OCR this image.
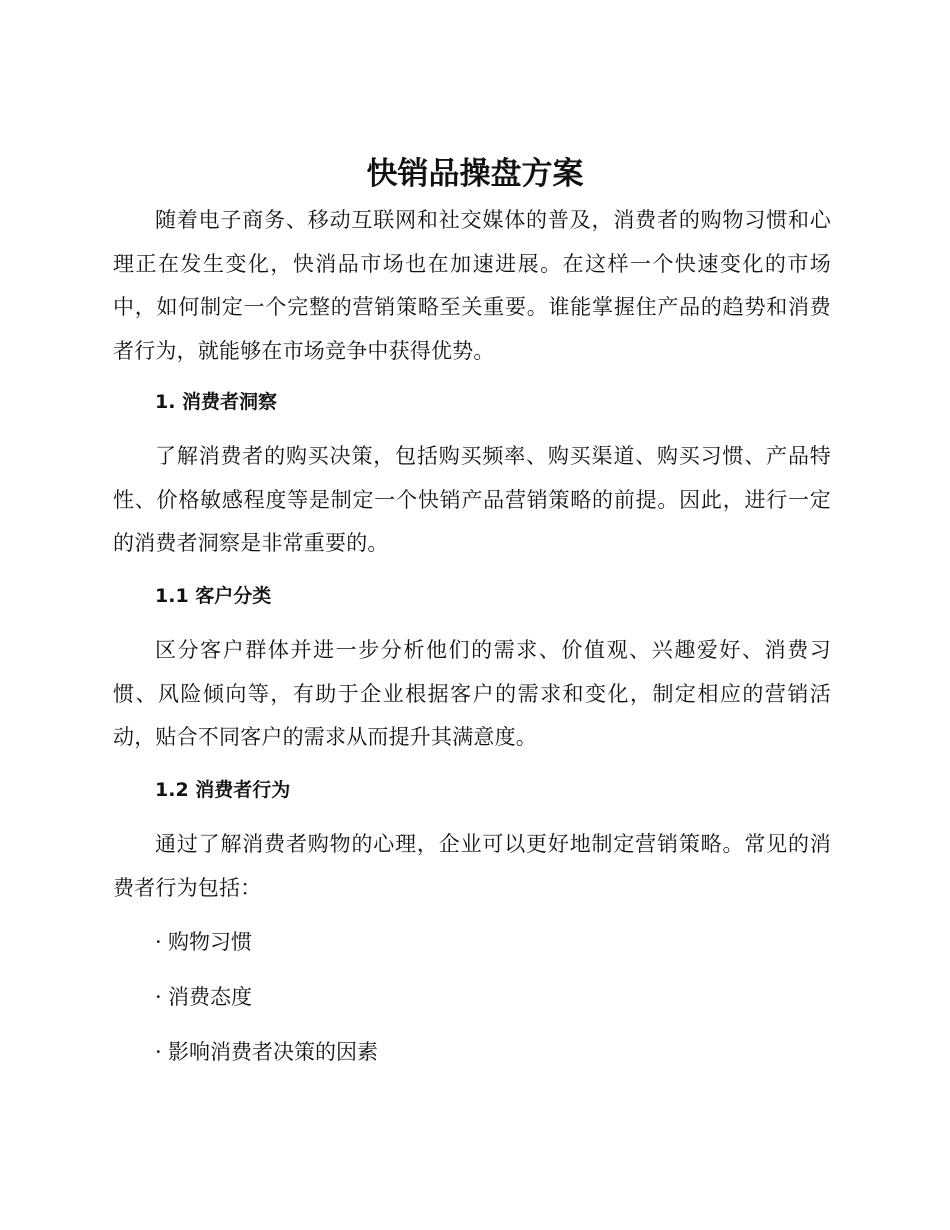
快销品操盘方案

随着电子商务、移动互联网和社交媒体的普及，消费者的购物习惯和心理正在发生变化，快消品市场也在加速进展。在这样一个快速变化的市场中，如何制定一个完整的营销策略至关重要。谁能掌握住产品的趋势和消费者行为，就能够在市场竞争中获得优势。

1. 消费者洞察

了解消费者的购买决策，包括购买频率、购买渠道、购买习惯、产品特性、价格敏感程度等是制定一个快销产品营销策略的前提。因此，进行一定的消费者洞察是非常重要的。

1.1 客户分类

区分客户群体并进一步分析他们的需求、价值观、兴趣爱好、消费习惯、风险倾向等，有助于企业根据客户的需求和变化，制定相应的营销活动，贴合不同客户的需求从而提升其满意度。

1.2 消费者行为

通过了解消费者购物的心理，企业可以更好地制定营销策略。常见的消费者行为包括：

· 购物习惯
· 消费态度
· 影响消费者决策的因素
